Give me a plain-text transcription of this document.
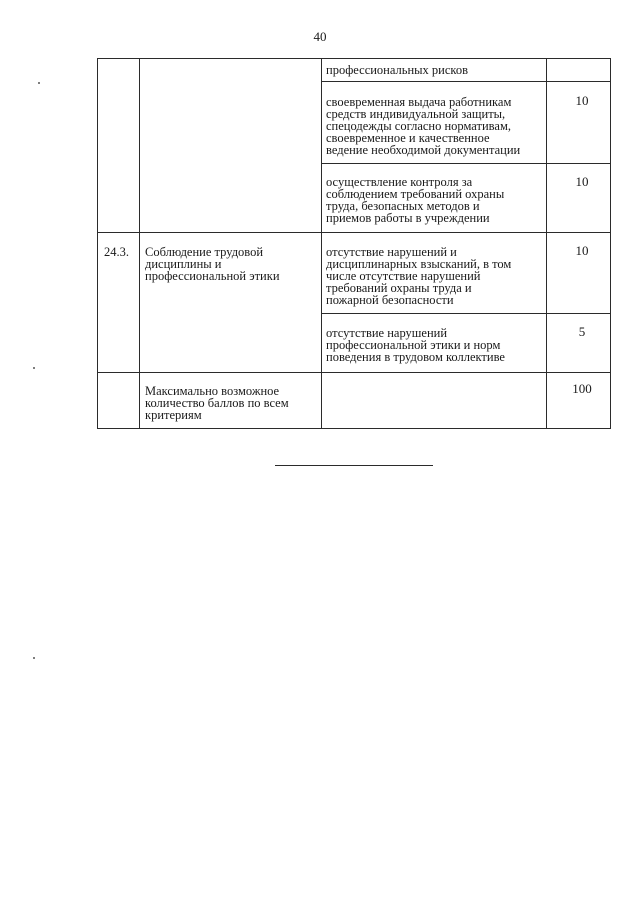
40
профессиональных рисков
своевременная выдача работникам
средств индивидуальной защиты,
спецодежды согласно нормативам,
своевременное и качественное
ведение необходимой документации
10
осуществление контроля за
соблюдением требований охраны
труда, безопасных методов и
приемов работы в учреждении
10
24.3. Соблюдение трудовой
дисциплины и
профессиональной этики
отсутствие нарушений и
дисциплинарных взысканий, в том
числе отсутствие нарушений
требований охраны труда и
пожарной безопасности
10
отсутствие нарушений
профессиональной этики и норм
поведения в трудовом коллективе
5
Максимально возможное
количество баллов по всем
критериям
100
